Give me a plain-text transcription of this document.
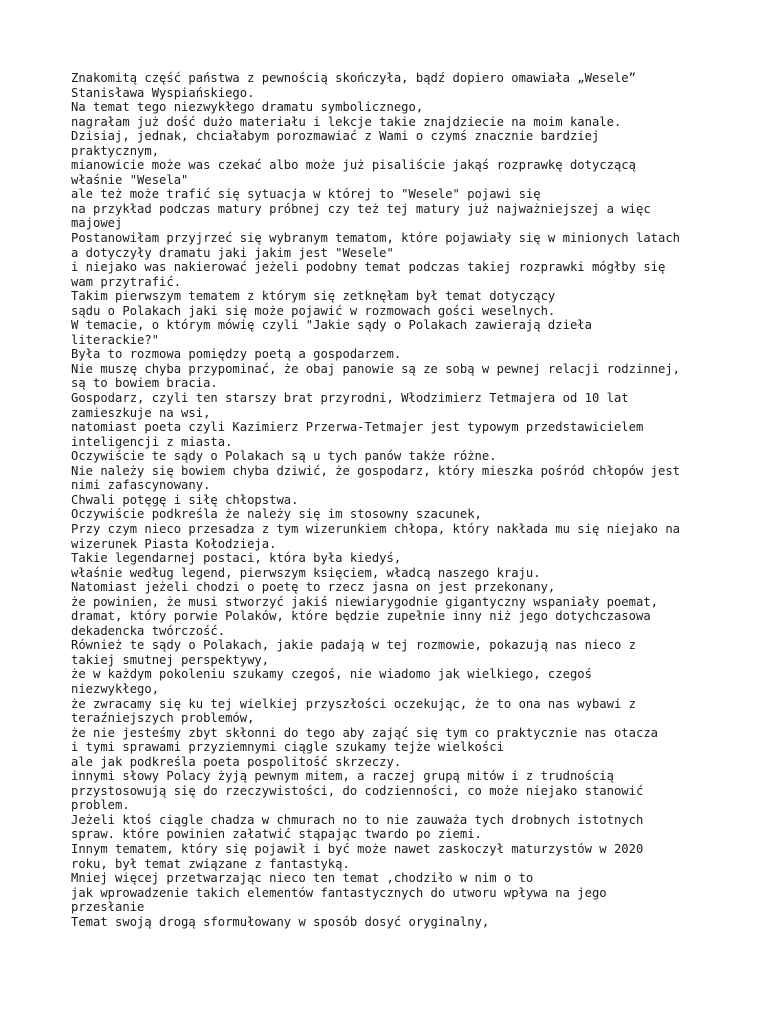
Znakomitą część państwa z pewnością skończyła, bądź dopiero omawiała „Wesele”
Stanisława Wyspiańskiego.
Na temat tego niezwykłego dramatu symbolicznego,
nagrałam już dość dużo materiału i lekcje takie znajdziecie na moim kanale.
Dzisiaj, jednak, chciałabym porozmawiać z Wami o czymś znacznie bardziej
praktycznym,
mianowicie może was czekać albo może już pisaliście jakąś rozprawkę dotyczącą
właśnie "Wesela"
ale też może trafić się sytuacja w której to "Wesele" pojawi się
na przykład podczas matury próbnej czy też tej matury już najważniejszej a więc
majowej
Postanowiłam przyjrzeć się wybranym tematom, które pojawiały się w minionych latach
a dotyczyły dramatu jaki jakim jest "Wesele"
i niejako was nakierować jeżeli podobny temat podczas takiej rozprawki mógłby się
wam przytrafić.
Takim pierwszym tematem z którym się zetknęłam był temat dotyczący
sądu o Polakach jaki się może pojawić w rozmowach gości weselnych.
W temacie, o którym mówię czyli "Jakie sądy o Polakach zawierają dzieła
literackie?"
Była to rozmowa pomiędzy poetą a gospodarzem.
Nie muszę chyba przypominać, że obaj panowie są ze sobą w pewnej relacji rodzinnej,
są to bowiem bracia.
Gospodarz, czyli ten starszy brat przyrodni, Włodzimierz Tetmajera od 10 lat
zamieszkuje na wsi,
natomiast poeta czyli Kazimierz Przerwa-Tetmajer jest typowym przedstawicielem
inteligencji z miasta.
Oczywiście te sądy o Polakach są u tych panów także różne.
Nie należy się bowiem chyba dziwić, że gospodarz, który mieszka pośród chłopów jest
nimi zafascynowany.
Chwali potęgę i siłę chłopstwa.
Oczywiście podkreśla że należy się im stosowny szacunek,
Przy czym nieco przesadza z tym wizerunkiem chłopa, który nakłada mu się niejako na
wizerunek Piasta Kołodzieja.
Takie legendarnej postaci, która była kiedyś,
właśnie według legend, pierwszym księciem, władcą naszego kraju.
Natomiast jeżeli chodzi o poetę to rzecz jasna on jest przekonany,
że powinien, że musi stworzyć jakiś niewiarygodnie gigantyczny wspaniały poemat,
dramat, który porwie Polaków, które będzie zupełnie inny niż jego dotychczasowa
dekadencka twórczość.
Również te sądy o Polakach, jakie padają w tej rozmowie, pokazują nas nieco z
takiej smutnej perspektywy,
że w każdym pokoleniu szukamy czegoś, nie wiadomo jak wielkiego, czegoś
niezwykłego,
że zwracamy się ku tej wielkiej przyszłości oczekując, że to ona nas wybawi z
teraźniejszych problemów,
że nie jesteśmy zbyt skłonni do tego aby zająć się tym co praktycznie nas otacza
i tymi sprawami przyziemnymi ciągle szukamy tejże wielkości
ale jak podkreśla poeta pospolitość skrzeczy.
innymi słowy Polacy żyją pewnym mitem, a raczej grupą mitów i z trudnością
przystosowują się do rzeczywistości, do codzienności, co może niejako stanowić
problem.
Jeżeli ktoś ciągle chadza w chmurach no to nie zauważa tych drobnych istotnych
spraw. które powinien załatwić stąpając twardo po ziemi.
Innym tematem, który się pojawił i być może nawet zaskoczył maturzystów w 2020
roku, był temat związane z fantastyką.
Mniej więcej przetwarzając nieco ten temat ,chodziło w nim o to
jak wprowadzenie takich elementów fantastycznych do utworu wpływa na jego
przesłanie
Temat swoją drogą sformułowany w sposób dosyć oryginalny,
